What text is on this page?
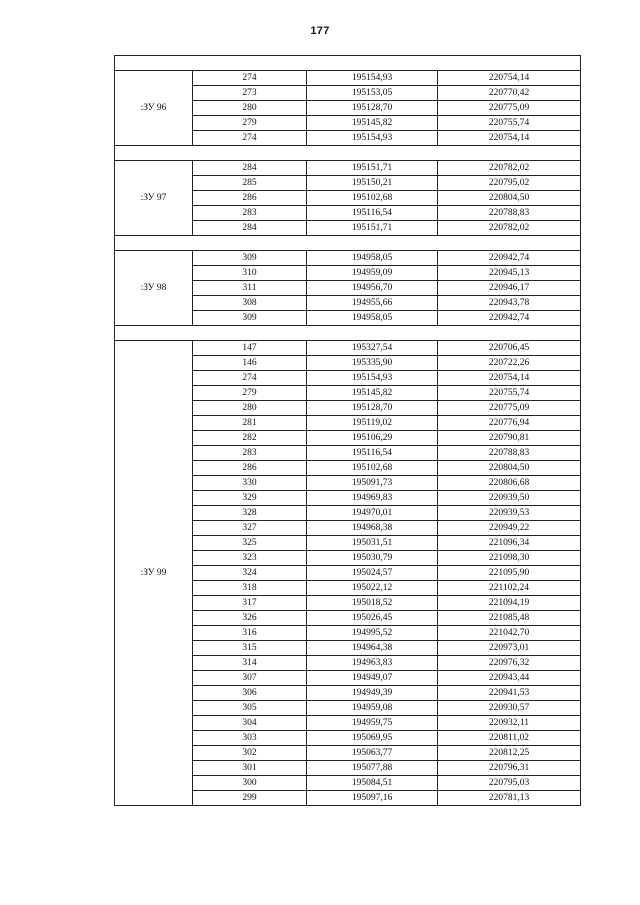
177

:ЗУ 96	274	195154,93	220754,14
	273	195153,05	220770,42
	280	195128,70	220775,09
	279	195145,82	220755,74
	274	195154,93	220754,14

:ЗУ 97	284	195151,71	220782,02
	285	195150,21	220795,02
	286	195102,68	220804,50
	283	195116,54	220788,83
	284	195151,71	220782,02

:ЗУ 98	309	194958,05	220942,74
	310	194959,09	220945,13
	311	194956,70	220946,17
	308	194955,66	220943,78
	309	194958,05	220942,74

:ЗУ 99	147	195327,54	220706,45
	146	195335,90	220722,26
	274	195154,93	220754,14
	279	195145,82	220755,74
	280	195128,70	220775,09
	281	195119,02	220776,94
	282	195106,29	220790,81
	283	195116,54	220788,83
	286	195102,68	220804,50
	330	195091,73	220806,68
	329	194969,83	220939,50
	328	194970,01	220939,53
	327	194968,38	220949,22
	325	195031,51	221096,34
	323	195030,79	221098,30
	324	195024,57	221095,90
	318	195022,12	221102,24
	317	195018,52	221094,19
	326	195026,45	221085,48
	316	194995,52	221042,70
	315	194964,38	220973,01
	314	194963,83	220976,32
	307	194949,07	220943,44
	306	194949,39	220941,53
	305	194959,08	220930,57
	304	194959,75	220932,11
	303	195069,95	220811,02
	302	195063,77	220812,25
	301	195077,88	220796,31
	300	195084,51	220795,03
	299	195097,16	220781,13
